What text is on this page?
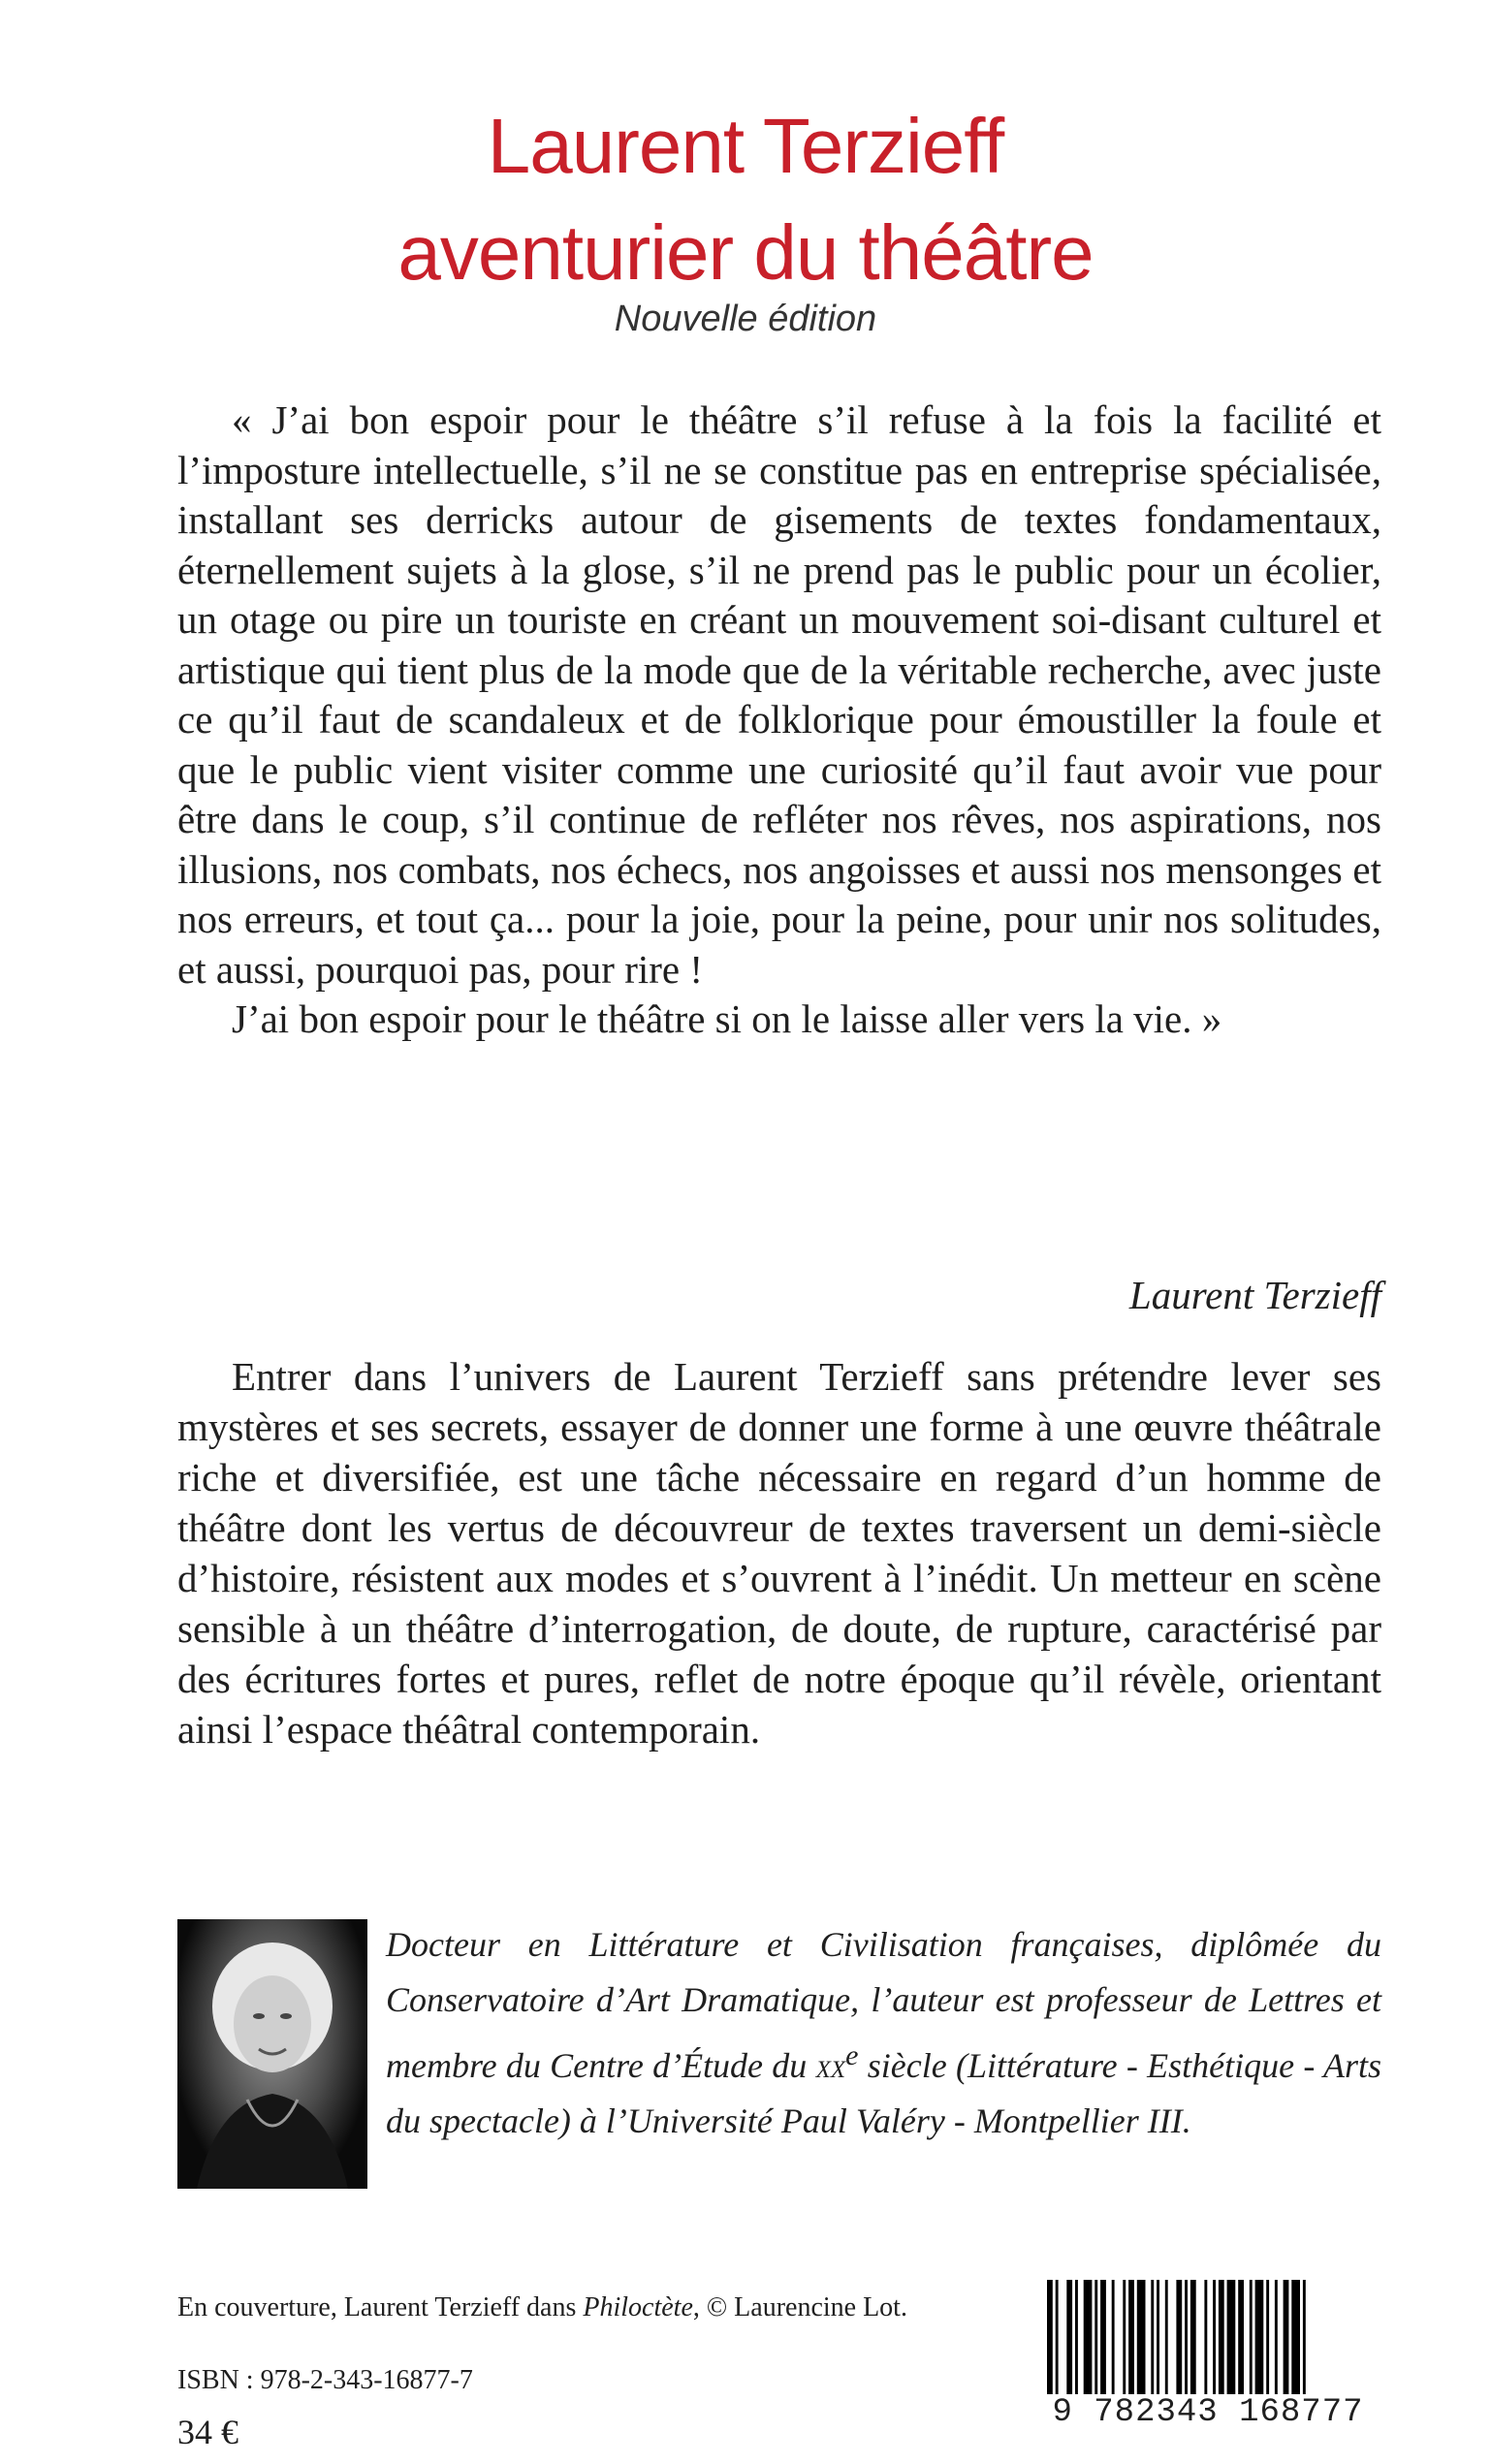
Laurent Terzieff
aventurier du théâtre
Nouvelle édition

« J’ai bon espoir pour le théâtre s’il refuse à la fois la facilité et l’imposture intellectuelle, s’il ne se constitue pas en entreprise spécialisée, installant ses derricks autour de gisements de textes fondamentaux, éternellement sujets à la glose, s’il ne prend pas le public pour un écolier, un otage ou pire un touriste en créant un mouvement soi-disant culturel et artistique qui tient plus de la mode que de la véritable recherche, avec juste ce qu’il faut de scandaleux et de folklorique pour émoustiller la foule et que le public vient visiter comme une curiosité qu’il faut avoir vue pour être dans le coup, s’il continue de refléter nos rêves, nos aspirations, nos illusions, nos combats, nos échecs, nos angoisses et aussi nos mensonges et nos erreurs, et tout ça... pour la joie, pour la peine, pour unir nos solitudes, et aussi, pourquoi pas, pour rire !

J’ai bon espoir pour le théâtre si on le laisse aller vers la vie. »

Laurent Terzieff

Entrer dans l’univers de Laurent Terzieff sans prétendre lever ses mystères et ses secrets, essayer de donner une forme à une œuvre théâtrale riche et diversifiée, est une tâche nécessaire en regard d’un homme de théâtre dont les vertus de découvreur de textes traversent un demi-siècle d’histoire, résistent aux modes et s’ouvrent à l’inédit. Un metteur en scène sensible à un théâtre d’interrogation, de doute, de rupture, caractérisé par des écritures fortes et pures, reflet de notre époque qu’il révèle, orientant ainsi l’espace théâtral contemporain.

Docteur en Littérature et Civilisation françaises, diplômée du Conservatoire d’Art Dramatique, l’auteur est professeur de Lettres et membre du Centre d’Étude du $xx^e$ siècle (Littérature - Esthétique - Arts du spectacle) à l’Université Paul Valéry - Montpellier III.
En couverture, Laurent Terzieff dans Philoctète, © Laurencine Lot.
ISBN : 978-2-343-16877-7
34 €	9 782343 168777
